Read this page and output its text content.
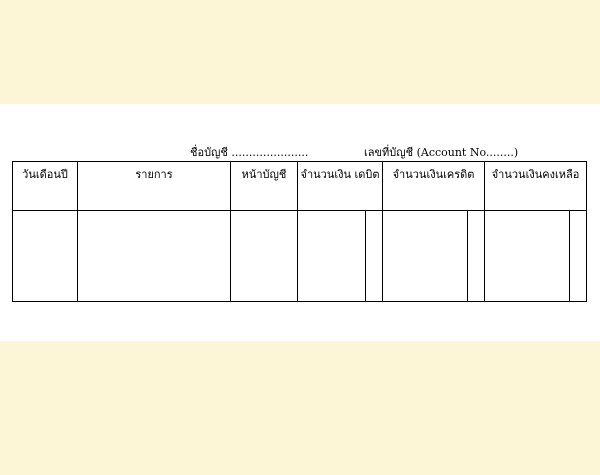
ชื่อบัญชี ......................	เลขที่บัญชี (Account No........)
วันเดือนปี	รายการ	หน้าบัญชี	จำนวนเงิน เดบิต		จำนวนเงินเครดิต		จำนวนเงินคงเหลือ	
